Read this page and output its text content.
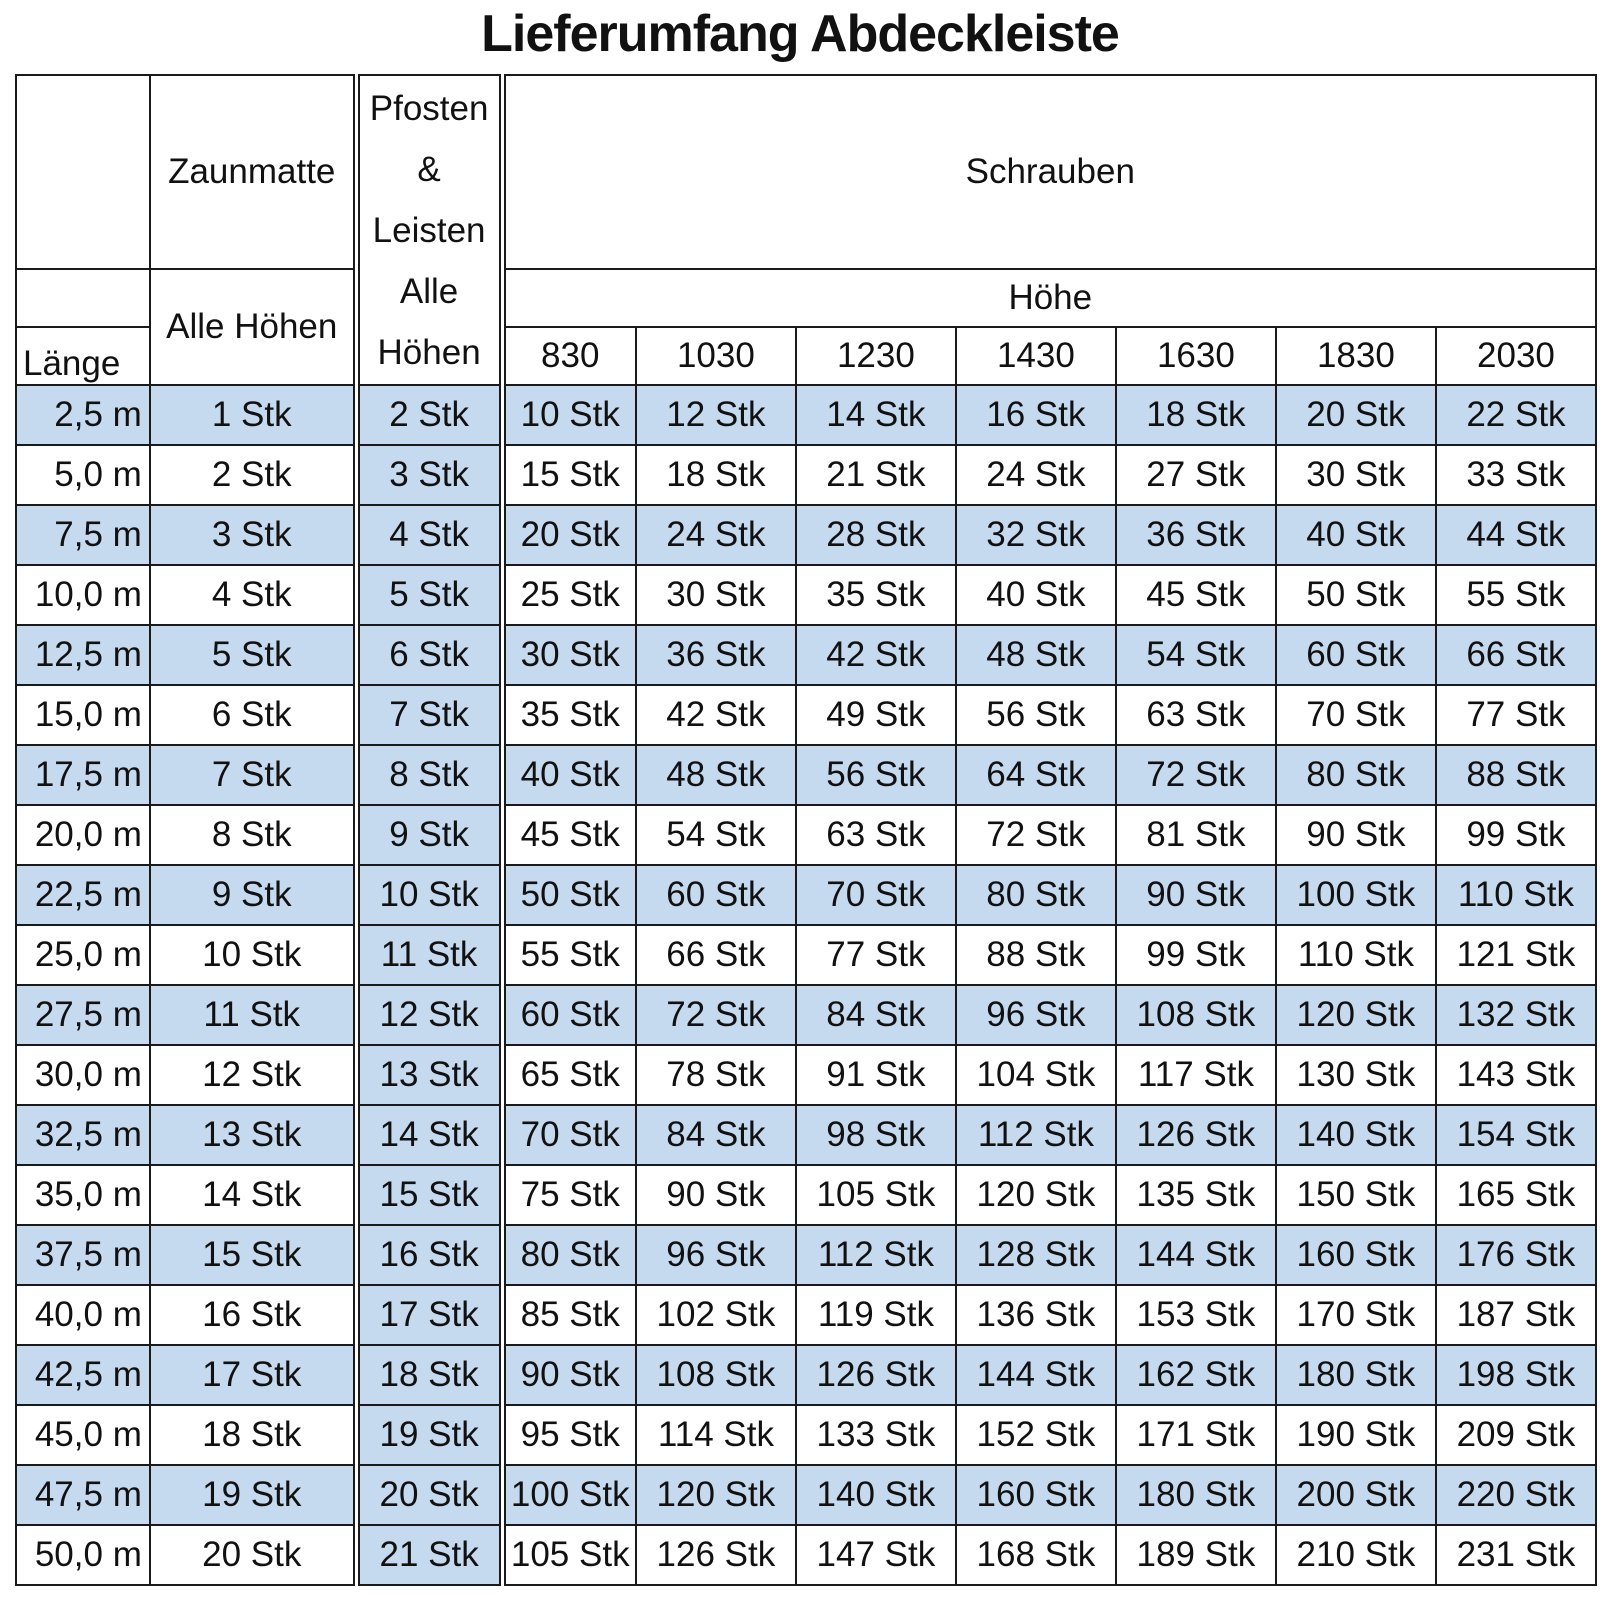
Lieferumfang Abdeckleiste
	Zaunmatte	Pfosten
&
Leisten
Alle
Höhen	Schrauben						
	Alle Höhen		Höhe						
Länge			830	1030	1230	1430	1630	1830	2030
2,5 m	1 Stk	2 Stk	10 Stk	12 Stk	14 Stk	16 Stk	18 Stk	20 Stk	22 Stk
5,0 m	2 Stk	3 Stk	15 Stk	18 Stk	21 Stk	24 Stk	27 Stk	30 Stk	33 Stk
7,5 m	3 Stk	4 Stk	20 Stk	24 Stk	28 Stk	32 Stk	36 Stk	40 Stk	44 Stk
10,0 m	4 Stk	5 Stk	25 Stk	30 Stk	35 Stk	40 Stk	45 Stk	50 Stk	55 Stk
12,5 m	5 Stk	6 Stk	30 Stk	36 Stk	42 Stk	48 Stk	54 Stk	60 Stk	66 Stk
15,0 m	6 Stk	7 Stk	35 Stk	42 Stk	49 Stk	56 Stk	63 Stk	70 Stk	77 Stk
17,5 m	7 Stk	8 Stk	40 Stk	48 Stk	56 Stk	64 Stk	72 Stk	80 Stk	88 Stk
20,0 m	8 Stk	9 Stk	45 Stk	54 Stk	63 Stk	72 Stk	81 Stk	90 Stk	99 Stk
22,5 m	9 Stk	10 Stk	50 Stk	60 Stk	70 Stk	80 Stk	90 Stk	100 Stk	110 Stk
25,0 m	10 Stk	11 Stk	55 Stk	66 Stk	77 Stk	88 Stk	99 Stk	110 Stk	121 Stk
27,5 m	11 Stk	12 Stk	60 Stk	72 Stk	84 Stk	96 Stk	108 Stk	120 Stk	132 Stk
30,0 m	12 Stk	13 Stk	65 Stk	78 Stk	91 Stk	104 Stk	117 Stk	130 Stk	143 Stk
32,5 m	13 Stk	14 Stk	70 Stk	84 Stk	98 Stk	112 Stk	126 Stk	140 Stk	154 Stk
35,0 m	14 Stk	15 Stk	75 Stk	90 Stk	105 Stk	120 Stk	135 Stk	150 Stk	165 Stk
37,5 m	15 Stk	16 Stk	80 Stk	96 Stk	112 Stk	128 Stk	144 Stk	160 Stk	176 Stk
40,0 m	16 Stk	17 Stk	85 Stk	102 Stk	119 Stk	136 Stk	153 Stk	170 Stk	187 Stk
42,5 m	17 Stk	18 Stk	90 Stk	108 Stk	126 Stk	144 Stk	162 Stk	180 Stk	198 Stk
45,0 m	18 Stk	19 Stk	95 Stk	114 Stk	133 Stk	152 Stk	171 Stk	190 Stk	209 Stk
47,5 m	19 Stk	20 Stk	100 Stk	120 Stk	140 Stk	160 Stk	180 Stk	200 Stk	220 Stk
50,0 m	20 Stk	21 Stk	105 Stk	126 Stk	147 Stk	168 Stk	189 Stk	210 Stk	231 Stk
